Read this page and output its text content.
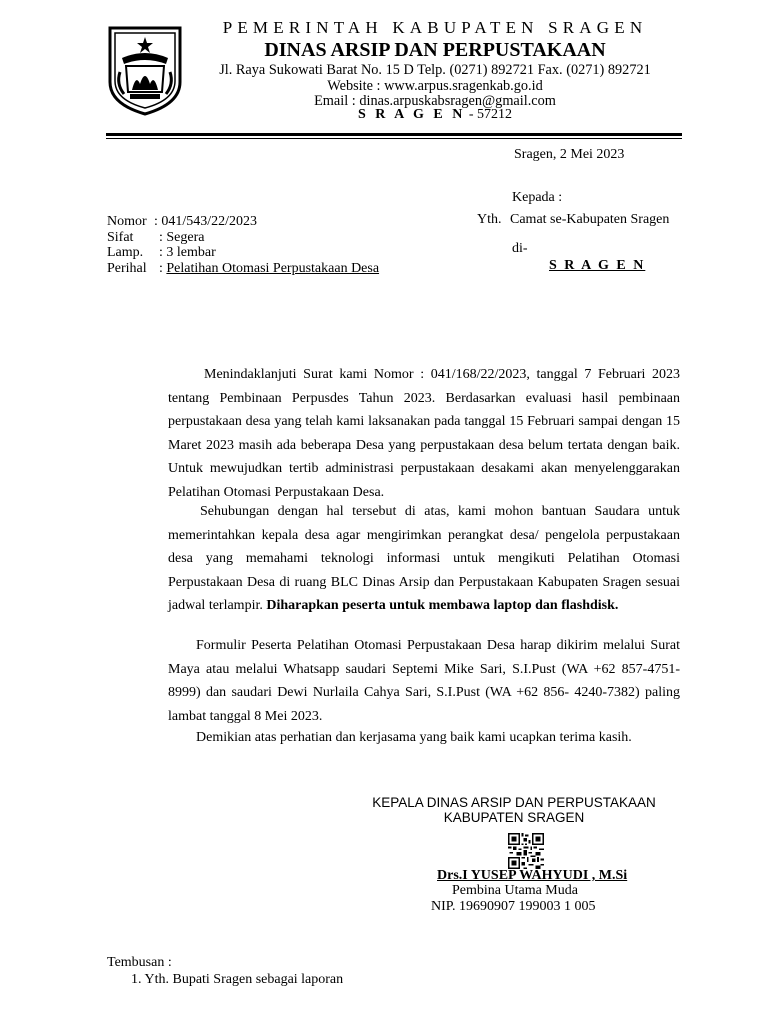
PEMERINTAH KABUPATEN SRAGEN
DINAS ARSIP DAN PERPUSTAKAAN
Jl. Raya Sukowati Barat No. 15 D Telp. (0271) 892721 Fax. (0271) 892721
Website : www.arpus.sragenkab.go.id
Email : dinas.arpuskabsragen@gmail.com
S R A G E N - 57212
Sragen, 2 Mei 2023
Kepada :
Yth. Camat se-Kabupaten Sragen
di-
S R A G E N
Nomor : 041/543/22/2023
Sifat : Segera
Lamp. : 3 lembar
Perihal : Pelatihan Otomasi Perpustakaan Desa
Menindaklanjuti Surat kami Nomor : 041/168/22/2023, tanggal 7 Februari 2023 tentang Pembinaan Perpusdes Tahun 2023. Berdasarkan evaluasi hasil pembinaan perpustakaan desa yang telah kami laksanakan pada tanggal 15 Februari sampai dengan 15 Maret 2023 masih ada beberapa Desa yang perpustakaan desa belum tertata dengan baik. Untuk mewujudkan tertib administrasi perpustakaan desakami akan menyelenggarakan Pelatihan Otomasi Perpustakaan Desa.
Sehubungan dengan hal tersebut di atas, kami mohon bantuan Saudara untuk memerintahkan kepala desa agar mengirimkan perangkat desa/ pengelola perpustakaan desa yang memahami teknologi informasi untuk mengikuti Pelatihan Otomasi Perpustakaan Desa di ruang BLC Dinas Arsip dan Perpustakaan Kabupaten Sragen sesuai jadwal terlampir. Diharapkan peserta untuk membawa laptop dan flashdisk.
Formulir Peserta Pelatihan Otomasi Perpustakaan Desa harap dikirim melalui Surat Maya atau melalui Whatsapp saudari Septemi Mike Sari, S.I.Pust (WA +62 857-4751-8999) dan saudari Dewi Nurlaila Cahya Sari, S.I.Pust (WA +62 856- 4240-7382) paling lambat tanggal 8 Mei 2023.
Demikian atas perhatian dan kerjasama yang baik kami ucapkan terima kasih.
KEPALA DINAS ARSIP DAN PERPUSTAKAAN
KABUPATEN SRAGEN
Drs.I YUSEP WAHYUDI , M.Si
Pembina Utama Muda
NIP. 19690907 199003 1 005
Tembusan :
1. Yth. Bupati Sragen sebagai laporan
